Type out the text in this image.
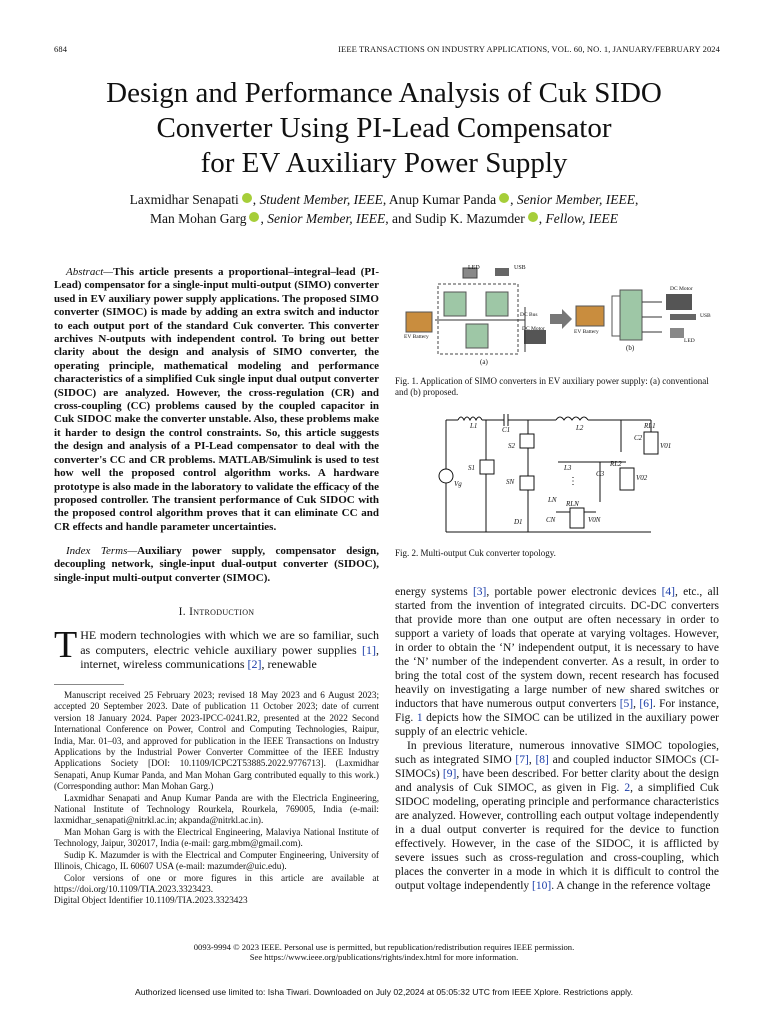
684	IEEE TRANSACTIONS ON INDUSTRY APPLICATIONS, VOL. 60, NO. 1, JANUARY/FEBRUARY 2024
Design and Performance Analysis of Cuk SIDO
Converter Using PI-Lead Compensator
for EV Auxiliary Power Supply
Laxmidhar Senapati , Student Member, IEEE, Anup Kumar Panda , Senior Member, IEEE,
Man Mohan Garg , Senior Member, IEEE, and Sudip K. Mazumder , Fellow, IEEE
Abstract—This article presents a proportional–integral–lead (PI-Lead) compensator for a single-input multi-output (SIMO) converter used in EV auxiliary power supply applications. The proposed SIMO converter (SIMOC) is made by adding an extra switch and inductor to each output port of the standard Cuk converter. This converter archives N-outputs with independent control. To bring out better clarity about the design and analysis of SIMO converter, the operating principle, mathematical modeling and performance characteristics of a simplified Cuk single input dual output converter (SIDOC) are analyzed. However, the cross-regulation (CR) and cross-coupling (CC) problems caused by the coupled capacitor in Cuk SIDOC make the converter unstable. Also, these problems make it harder to design the control constraints. So, this article suggests the design and analysis of a PI-Lead compensator to deal with the converter's CC and CR problems. MATLAB/Simulink is used to test how well the proposed control algorithm works. A hardware prototype is also made in the laboratory to validate the efficacy of the proposed controller. The transient performance of Cuk SIDOC with the proposed control algorithm proves that it can eliminate CC and CR effects and handle parameter uncertainties.
Index Terms—Auxiliary power supply, compensator design, decoupling network, single-input dual-output converter (SIDOC), single-input multi-output converter (SIMOC).
I. Introduction
THE modern technologies with which we are so familiar, such as computers, electric vehicle auxiliary power supplies [1], internet, wireless communications [2], renewable

Manuscript received 25 February 2023; revised 18 May 2023 and 6 August 2023; accepted 20 September 2023. Date of publication 11 October 2023; date of current version 18 January 2024. Paper 2023-IPCC-0241.R2, presented at the 2022 Second International Conference on Power, Control and Computing Technologies, Raipur, India, Mar. 01–03, and approved for publication in the IEEE Transactions on Industry Applications by the Industrial Power Converter Committee of the IEEE Industry Applications Society [DOI: 10.1109/ICPC2T53885.2022.9776713]. (Laxmidhar Senapati, Anup Kumar Panda, and Man Mohan Garg contributed equally to this work.) (Corresponding author: Man Mohan Garg.)

Laxmidhar Senapati and Anup Kumar Panda are with the Electricla Engineering, National Institute of Technology Rourkela, Rourkela, 769005, India (e-mail: laxmidhar_senapati@nitrkl.ac.in; akpanda@nitrkl.ac.in).

Man Mohan Garg is with the Electrical Engineering, Malaviya National Institute of Technology, Jaipur, 302017, India (e-mail: garg.mbm@gmail.com).

Sudip K. Mazumder is with the Electrical and Computer Engineering, University of Illinois, Chicago, IL 60607 USA (e-mail: mazumder@uic.edu).

Color versions of one or more figures in this article are available at https://doi.org/10.1109/TIA.2023.3323423.

Digital Object Identifier 10.1109/TIA.2023.3323423

LED	USB
DC Bus
DC Motor
EV Battery
(a)
(b)
DC Motor
USB
LED
EV Battery
Fig. 1. Application of SIMO converters in EV auxiliary power supply: (a) conventional and (b) proposed.
L1	C1	L2
S2
L3
S1
SN
LN
CN
D1
Vg
C2
C3
RL1
RL2
RLN
V01
V02
V0N
⋮
Fig. 2. Multi-output Cuk converter topology.

energy systems [3], portable power electronic devices [4], etc., all started from the invention of integrated circuits. DC-DC converters that provide more than one output are often necessary in order to support a variety of loads that operate at varying voltages. However, in order to obtain the ‘N’ independent output, it is necessary to have the ‘N’ number of the independent converter. As a result, in order to bring the total cost of the system down, recent research has focused heavily on investigating a large number of new shared switches or inductors that have numerous output converters [5], [6]. For instance, Fig. 1 depicts how the SIMOC can be utilized in the auxiliary power supply of an electric vehicle.

In previous literature, numerous innovative SIMOC topologies, such as integrated SIMO [7], [8] and coupled inductor SIMOCs (CI-SIMOCs) [9], have been described. For better clarity about the design and analysis of Cuk SIMOC, as given in Fig. 2, a simplified Cuk SIDOC modeling, operating principle and performance characteristics are analyzed. However, controlling each output voltage independently in a dual output converter is required for the device to function effectively. However, in the case of the SIDOC, it is afflicted by severe issues such as cross-regulation and cross-coupling, which places the converter in a mode in which it is difficult to control the output voltage independently [10]. A change in the reference voltage

0093-9994 © 2023 IEEE. Personal use is permitted, but republication/redistribution requires IEEE permission.
See https://www.ieee.org/publications/rights/index.html for more information.
Authorized licensed use limited to: Isha Tiwari. Downloaded on July 02,2024 at 05:05:32 UTC from IEEE Xplore. Restrictions apply.
